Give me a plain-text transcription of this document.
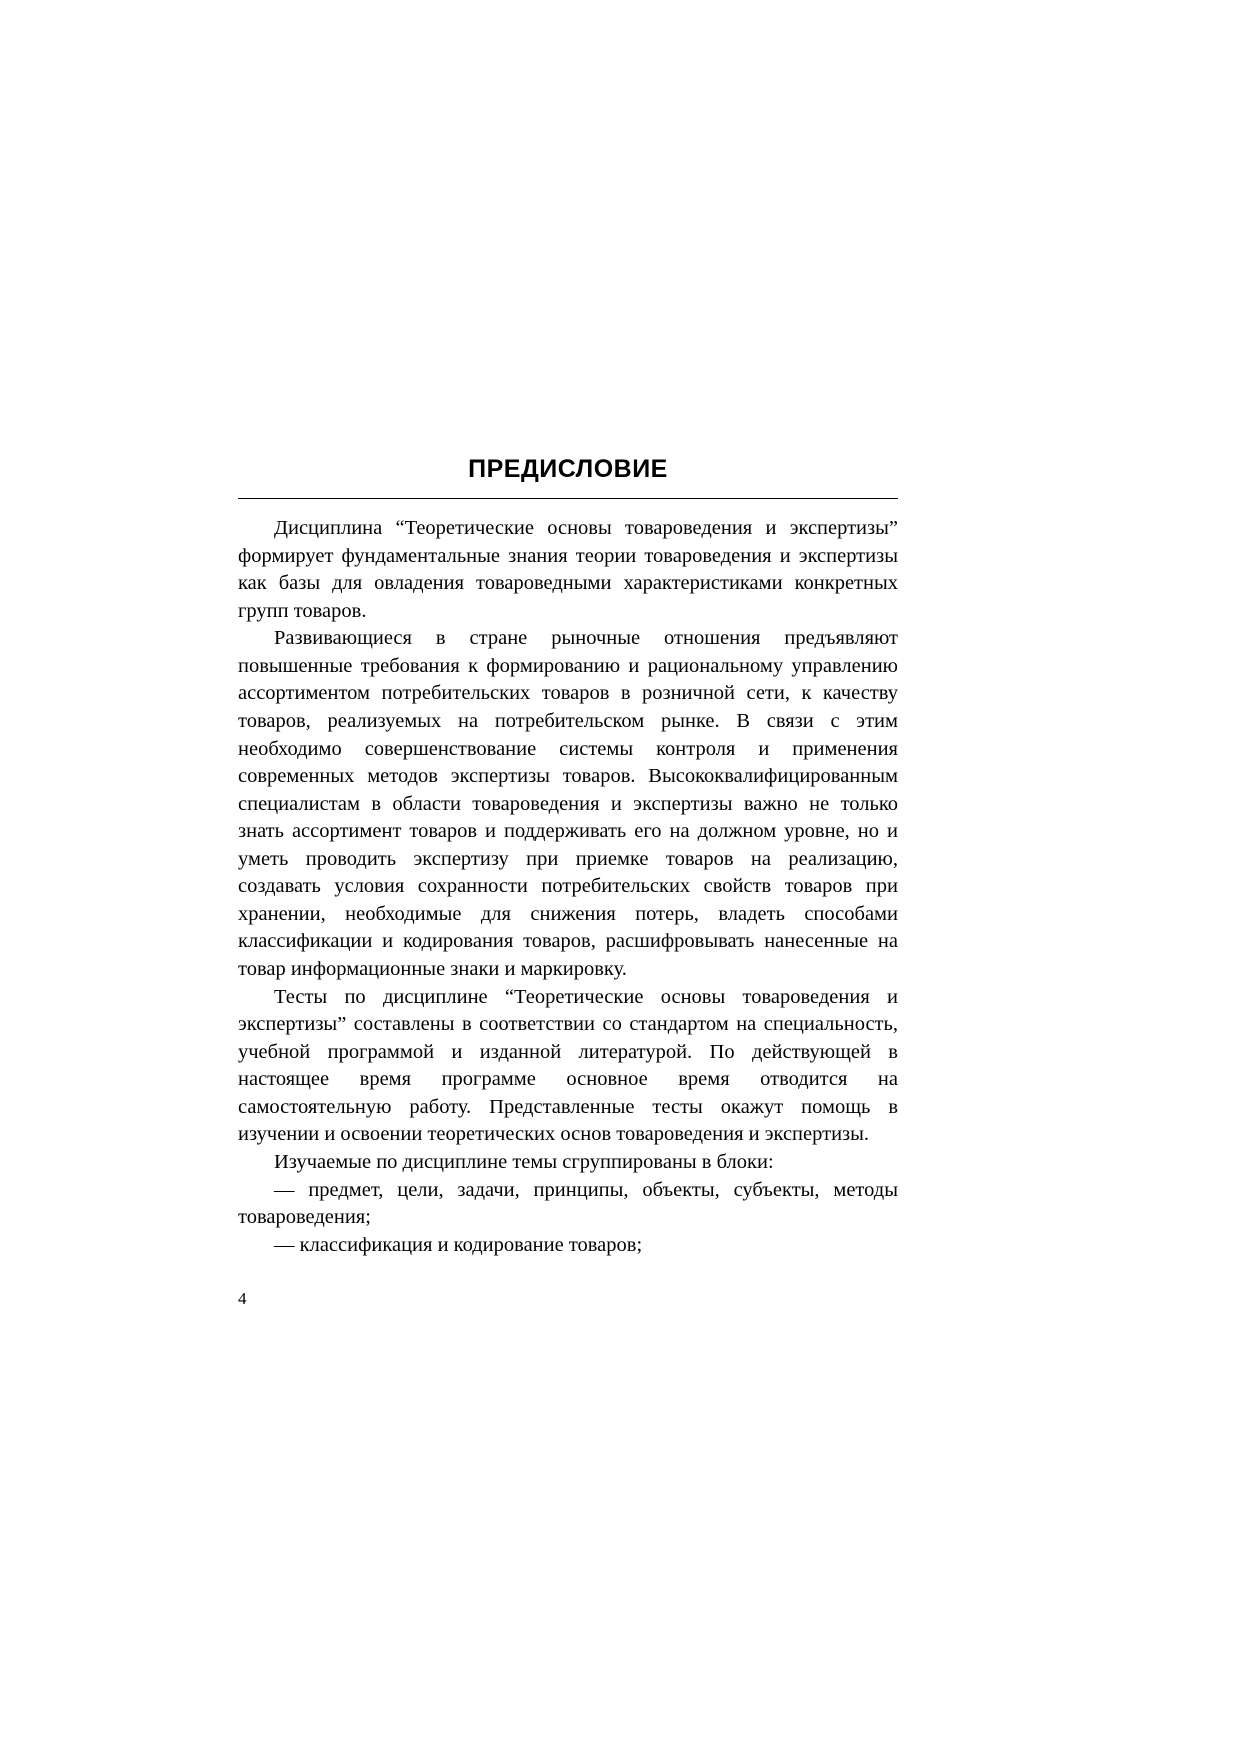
ПРЕДИСЛОВИЕ

Дисциплина “Теоретические основы товароведения и экспертизы” формирует фундаментальные знания теории товароведения и экспертизы как базы для овладения товароведными характеристиками конкретных групп товаров.

Развивающиеся в стране рыночные отношения предъявляют повышенные требования к формированию и рациональному управлению ассортиментом потребительских товаров в розничной сети, к качеству товаров, реализуемых на потребительском рынке. В связи с этим необходимо совершенствование системы контроля и применения современных методов экспертизы товаров. Высококвалифицированным специалистам в области товароведения и экспертизы важно не только знать ассортимент товаров и поддерживать его на должном уровне, но и уметь проводить экспертизу при приемке товаров на реализацию, создавать условия сохранности потребительских свойств товаров при хранении, необходимые для снижения потерь, владеть способами классификации и кодирования товаров, расшифровывать нанесенные на товар информационные знаки и маркировку.

Тесты по дисциплине “Теоретические основы товароведения и экспертизы” составлены в соответствии со стандартом на специальность, учебной программой и изданной литературой. По действующей в настоящее время программе основное время отводится на самостоятельную работу. Представленные тесты окажут помощь в изучении и освоении теоретических основ товароведения и экспертизы.

Изучаемые по дисциплине темы сгруппированы в блоки:

— предмет, цели, задачи, принципы, объекты, субъекты, методы товароведения;

— классификация и кодирование товаров;

4
